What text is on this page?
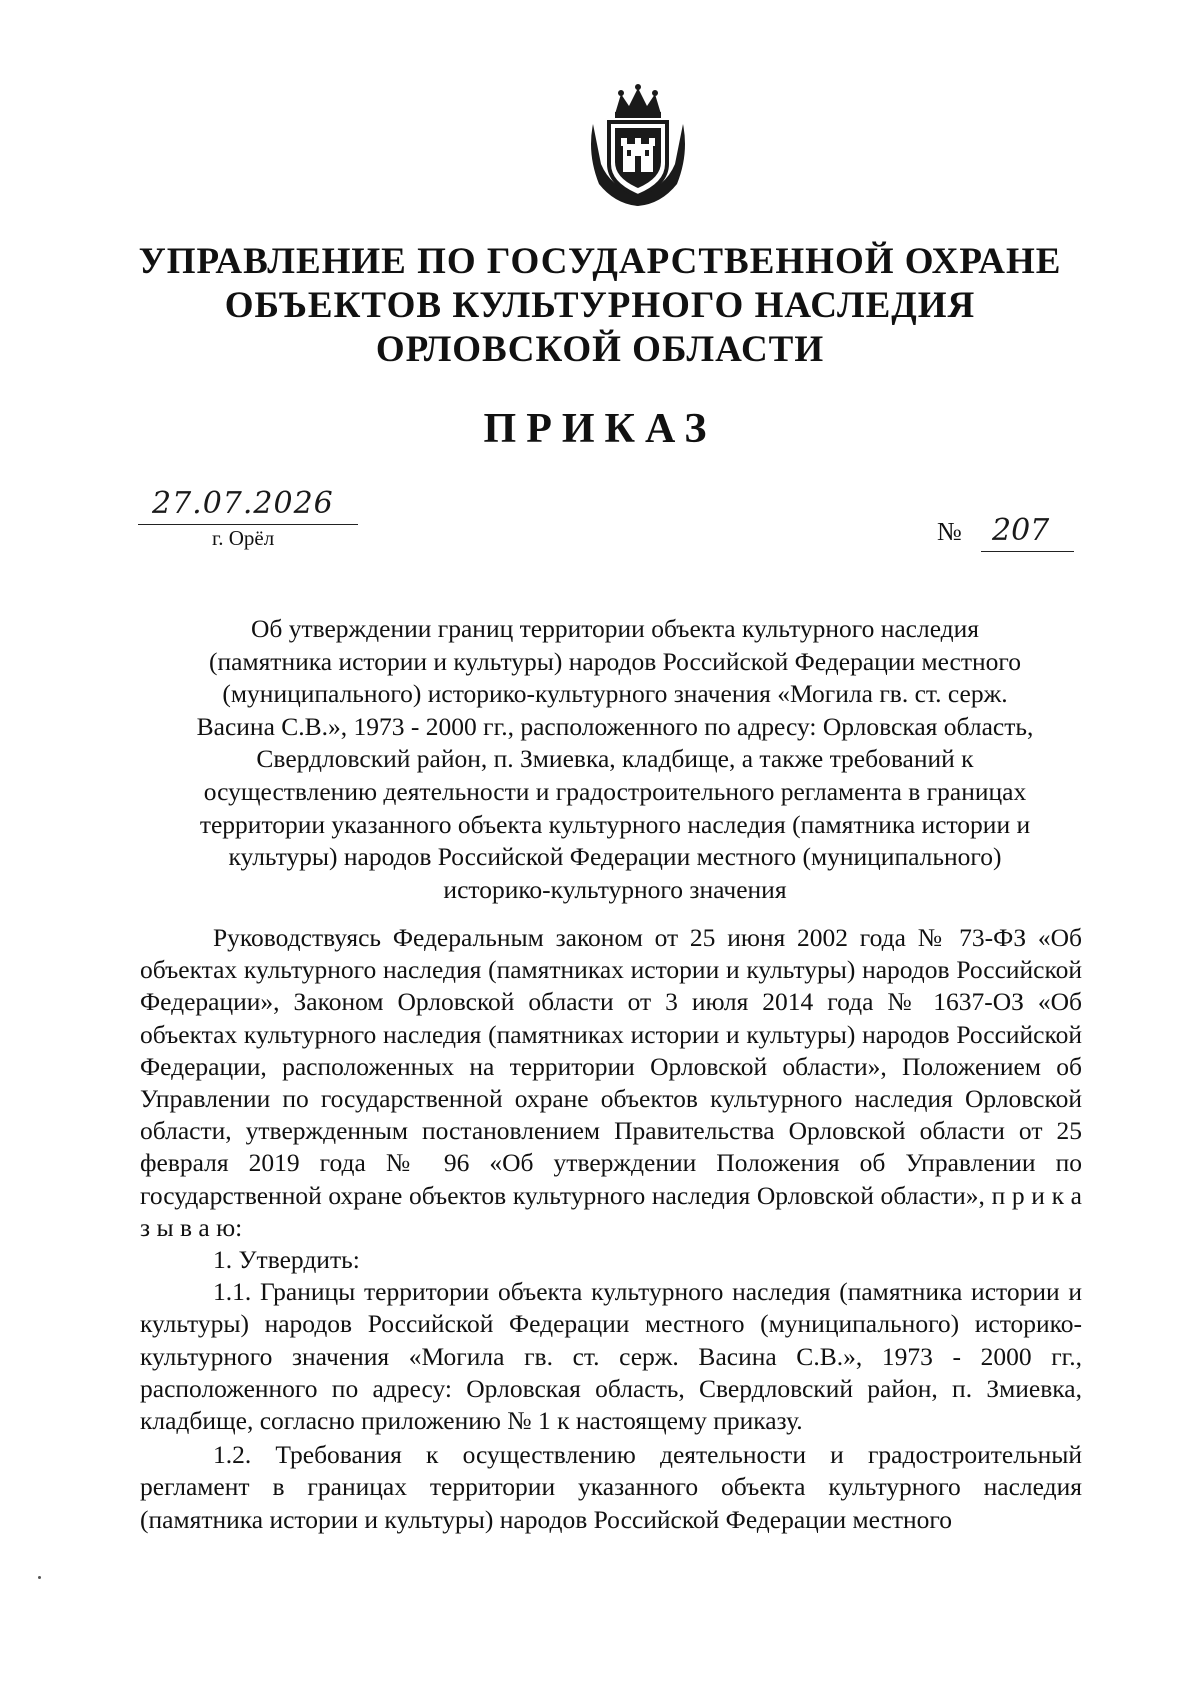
УПРАВЛЕНИЕ ПО ГОСУДАРСТВЕННОЙ ОХРАНЕ
ОБЪЕКТОВ КУЛЬТУРНОГО НАСЛЕДИЯ
ОРЛОВСКОЙ ОБЛАСТИ
ПРИКАЗ
27.07.2026
г. Орёл	№ 207
Об утверждении границ территории объекта культурного наследия
(памятника истории и культуры) народов Российской Федерации местного
(муниципального) историко-культурного значения «Могила гв. ст. серж.
Васина С.В.», 1973 - 2000 гг., расположенного по адресу: Орловская область,
Свердловский район, п. Змиевка, кладбище, а также требований к
осуществлению деятельности и градостроительного регламента в границах
территории указанного объекта культурного наследия (памятника истории и
культуры) народов Российской Федерации местного (муниципального)
историко-культурного значения

Руководствуясь Федеральным законом от 25 июня 2002 года № 73-ФЗ «Об объектах культурного наследия (памятниках истории и культуры) народов Российской Федерации», Законом Орловской области от 3 июля 2014 года № 1637-ОЗ «Об объектах культурного наследия (памятниках истории и культуры) народов Российской Федерации, расположенных на территории Орловской области», Положением об Управлении по государственной охране объектов культурного наследия Орловской области, утвержденным постановлением Правительства Орловской области от 25 февраля 2019 года № 96 «Об утверждении Положения об Управлении по государственной охране объектов культурного наследия Орловской области», п р и к а з ы в а ю:

1. Утвердить:

1.1. Границы территории объекта культурного наследия (памятника истории и культуры) народов Российской Федерации местного (муниципального) историко-культурного значения «Могила гв. ст. серж. Васина С.В.», 1973 - 2000 гг., расположенного по адресу: Орловская область, Свердловский район, п. Змиевка, кладбище, согласно приложению № 1 к настоящему приказу.

1.2. Требования к осуществлению деятельности и градостроительный регламент в границах территории указанного объекта культурного наследия (памятника истории и культуры) народов Российской Федерации местного
